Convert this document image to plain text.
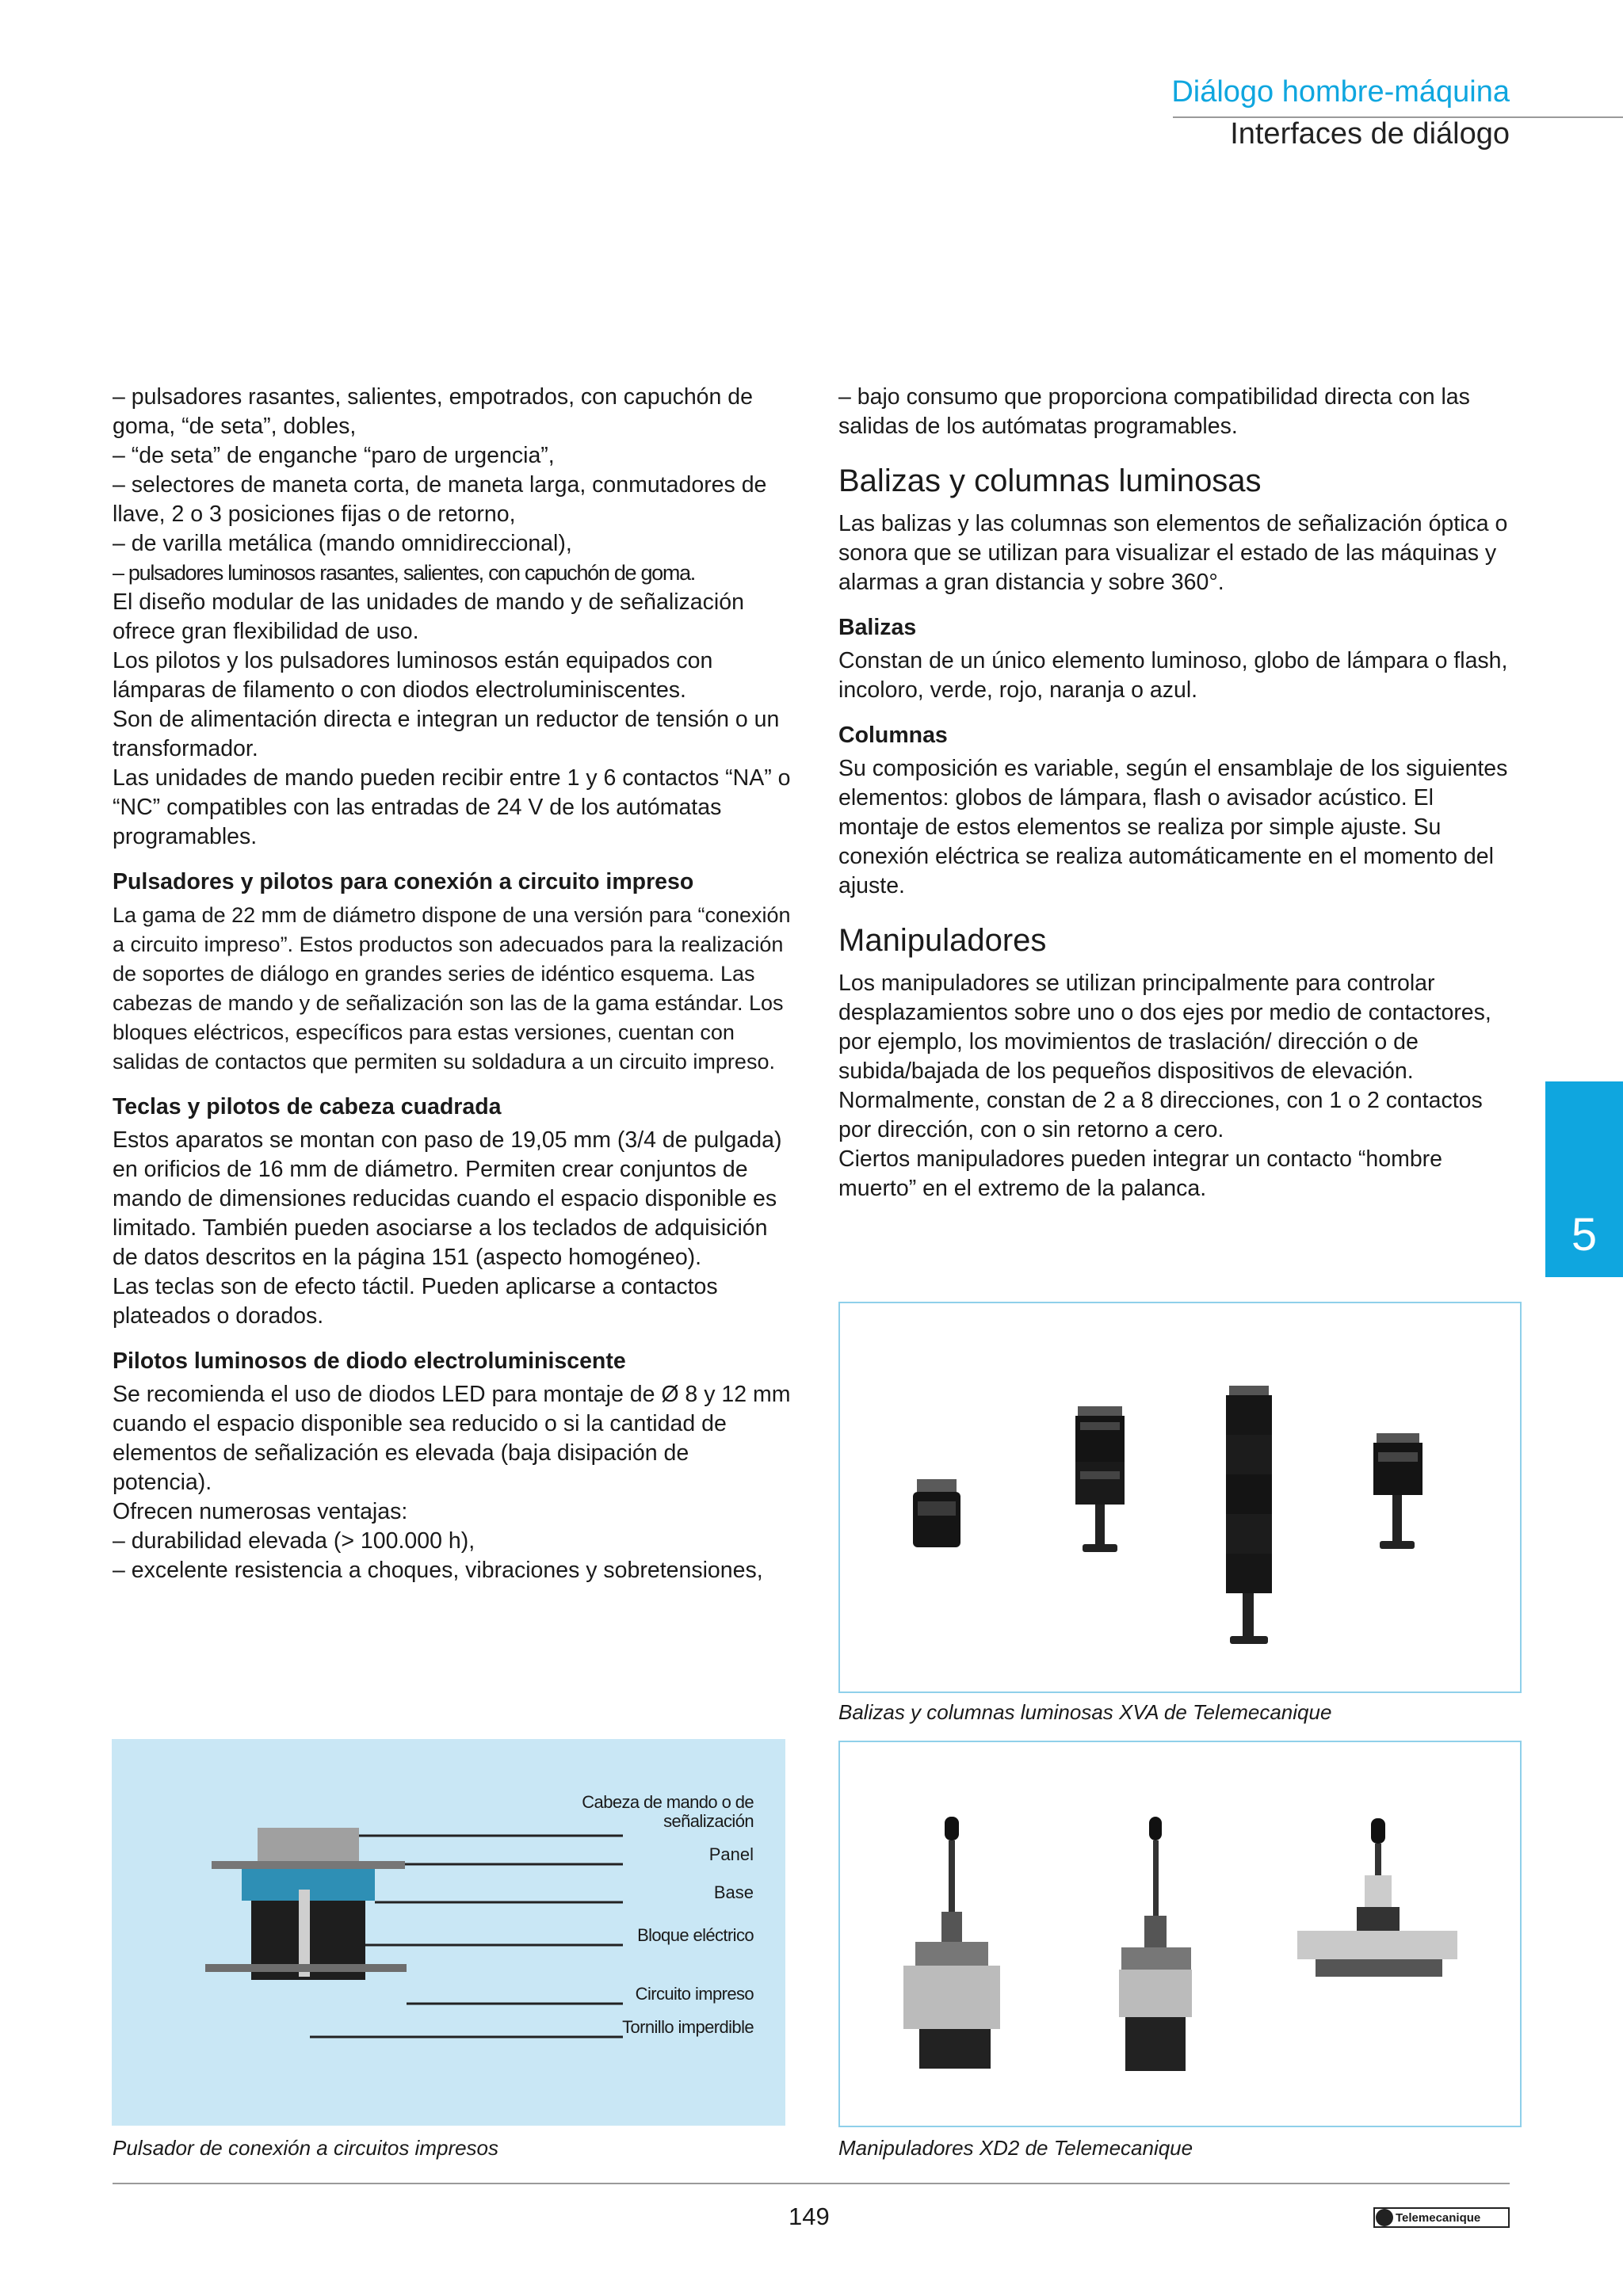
Diálogo hombre-máquina
Interfaces de diálogo

– pulsadores rasantes, salientes, empotrados, con capuchón de goma, “de seta”, dobles,

– “de seta” de enganche “paro de urgencia”,

– selectores de maneta corta, de maneta larga, conmutadores de llave, 2 o 3 posiciones fijas o de retorno,

– de varilla metálica (mando omnidireccional),

– pulsadores luminosos rasantes, salientes, con capuchón de goma.

El diseño modular de las unidades de mando y de señalización ofrece gran flexibilidad de uso.

Los pilotos y los pulsadores luminosos están equipados con lámparas de filamento o con diodos electroluminiscentes.

Son de alimentación directa e integran un reductor de tensión o un transformador.

Las unidades de mando pueden recibir entre 1 y 6 contactos “NA” o “NC” compatibles con las entradas de 24 V de los autómatas programables.

Pulsadores y pilotos para conexión a circuito impreso

La gama de 22 mm de diámetro dispone de una versión para “conexión a circuito impreso”. Estos productos son adecuados para la realización de soportes de diálogo en grandes series de idéntico esquema. Las cabezas de mando y de señalización son las de la gama estándar. Los bloques eléctricos, específicos para estas versiones, cuentan con salidas de contactos que permiten su soldadura a un circuito impreso.

Teclas y pilotos de cabeza cuadrada

Estos aparatos se montan con paso de 19,05 mm (3/4 de pulgada) en orificios de 16 mm de diámetro. Permiten crear conjuntos de mando de dimensiones reducidas cuando el espacio disponible es limitado. También pueden asociarse a los teclados de adquisición de datos descritos en la página 151 (aspecto homogéneo).

Las teclas son de efecto táctil. Pueden aplicarse a contactos plateados o dorados.

Pilotos luminosos de diodo electroluminiscente

Se recomienda el uso de diodos LED para montaje de Ø 8 y 12 mm cuando el espacio disponible sea reducido o si la cantidad de elementos de señalización es elevada (baja disipación de potencia).

Ofrecen numerosas ventajas:

– durabilidad elevada (> 100.000 h),

– excelente resistencia a choques, vibraciones y sobretensiones,

– bajo consumo que proporciona compatibilidad directa con las salidas de los autómatas programables.

Balizas y columnas luminosas

Las balizas y las columnas son elementos de señalización óptica o sonora que se utilizan para visualizar el estado de las máquinas y alarmas a gran distancia y sobre 360°.

Balizas

Constan de un único elemento luminoso, globo de lámpara o flash, incoloro, verde, rojo, naranja o azul.

Columnas

Su composición es variable, según el ensamblaje de los siguientes elementos: globos de lámpara, flash o avisador acústico. El montaje de estos elementos se realiza por simple ajuste. Su conexión eléctrica se realiza automáticamente en el momento del ajuste.

Manipuladores

Los manipuladores se utilizan principalmente para controlar desplazamientos sobre uno o dos ejes por medio de contactores, por ejemplo, los movimientos de traslación/ dirección o de subida/bajada de los pequeños dispositivos de elevación.

Normalmente, constan de 2 a 8 direcciones, con 1 o 2 contactos por dirección, con o sin retorno a cero.

Ciertos manipuladores pueden integrar un contacto “hombre muerto” en el extremo de la palanca.

5
Balizas y columnas luminosas XVA de Telemecanique
Manipuladores XD2 de Telemecanique
Cabeza de mando o de señalización
Panel
Base
Bloque eléctrico
Circuito impreso
Tornillo imperdible
Pulsador de conexión a circuitos impresos
149	Telemecanique
